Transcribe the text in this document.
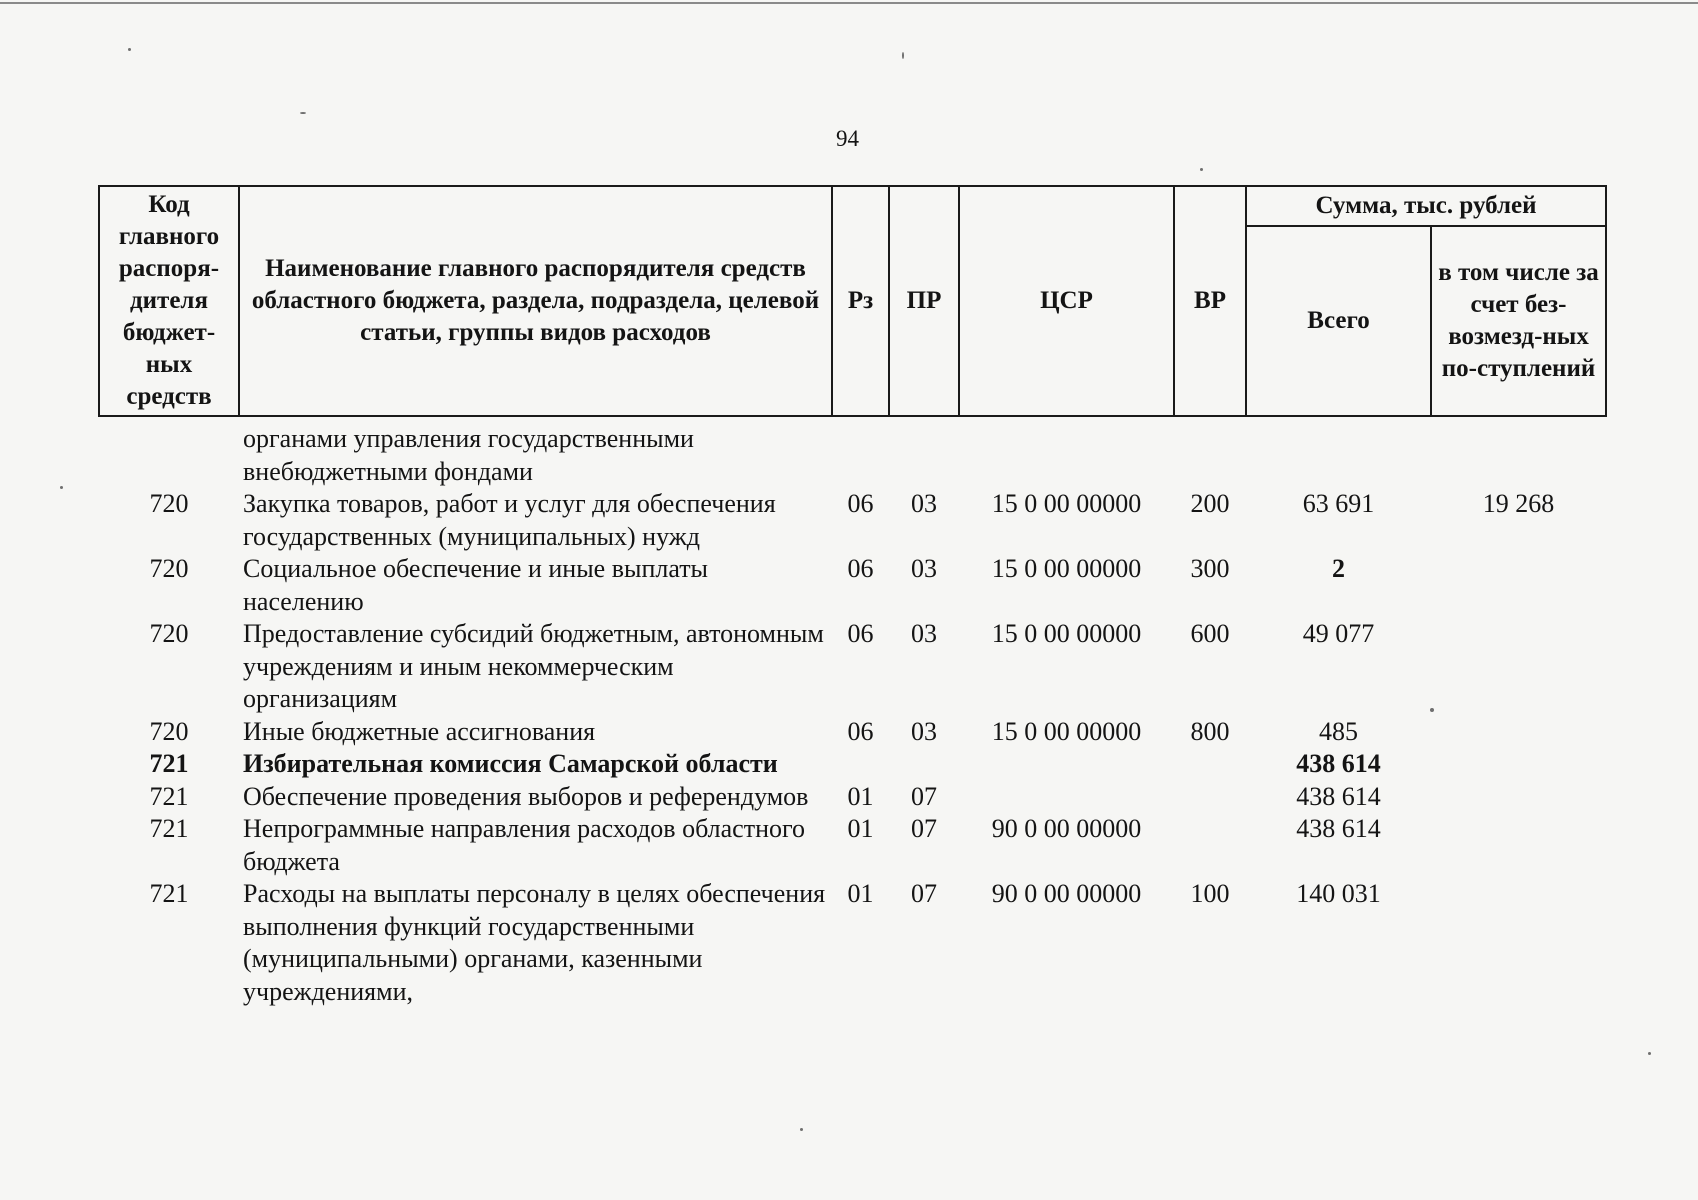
94
Код главного распоря-дителя бюджет-ных средств	Наименование главного распорядителя средств областного бюджета, раздела, подраздела, целевой статьи, группы видов расходов	Рз	ПР	ЦСР	ВР	Сумма, тыс. рублей	
						Всего	в том числе за счет без-возмезд-ных по-ступлений
	органами управления государственными внебюджетными фондами						
720	Закупка товаров, работ и услуг для обеспечения государственных (муниципальных) нужд	06	03	15 0 00 00000	200	63 691	19 268
720	Социальное обеспечение и иные выплаты населению	06	03	15 0 00 00000	300	2	
720	Предоставление субсидий бюджетным, автономным учреждениям и иным некоммерческим организациям	06	03	15 0 00 00000	600	49 077	
720	Иные бюджетные ассигнования	06	03	15 0 00 00000	800	485	
721	Избирательная комиссия Самарской области					438 614	
721	Обеспечение проведения выборов и референдумов	01	07			438 614	
721	Непрограммные направления расходов областного бюджета	01	07	90 0 00 00000		438 614	
721	Расходы на выплаты персоналу в целях обеспечения выполнения функций государственными (муниципальными) органами, казенными учреждениями,	01	07	90 0 00 00000	100	140 031	
